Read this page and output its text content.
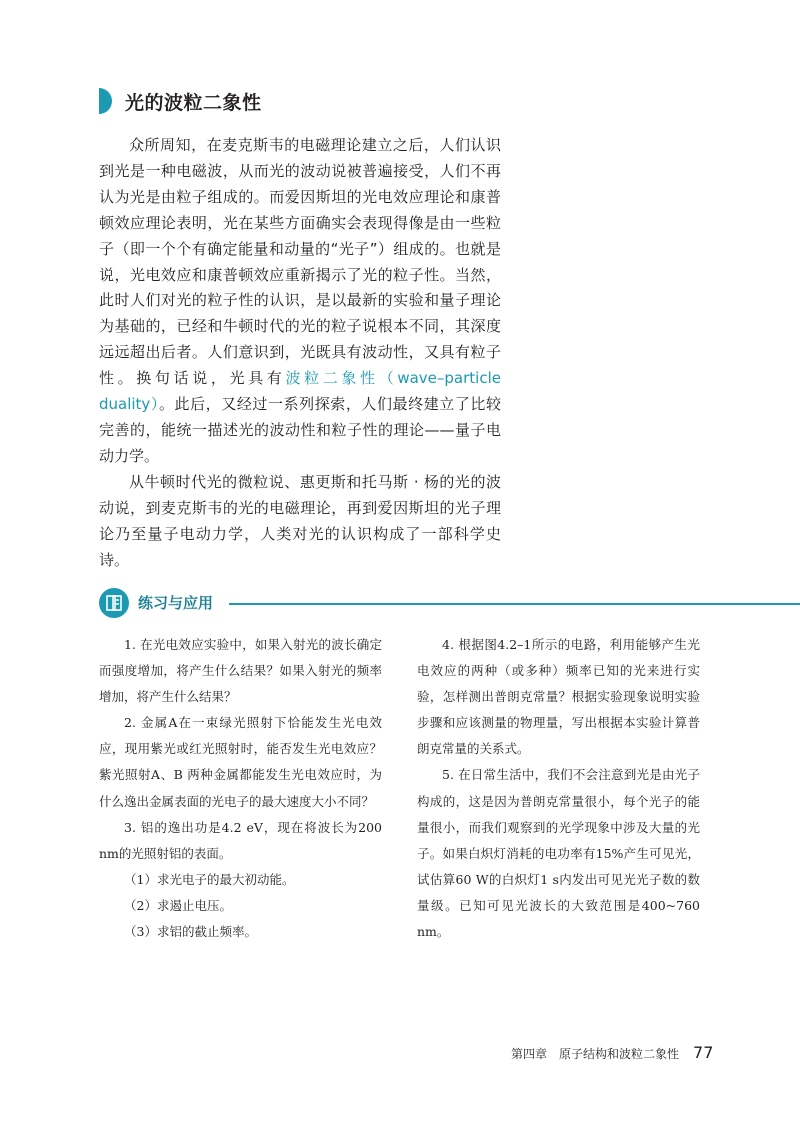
光的波粒二象性

众所周知，在麦克斯韦的电磁理论建立之后，人们认识到光是一种电磁波，从而光的波动说被普遍接受，人们不再认为光是由粒子组成的。而爱因斯坦的光电效应理论和康普顿效应理论表明，光在某些方面确实会表现得像是由一些粒子（即一个个有确定能量和动量的“光子”）组成的。也就是说，光电效应和康普顿效应重新揭示了光的粒子性。当然，此时人们对光的粒子性的认识，是以最新的实验和量子理论为基础的，已经和牛顿时代的光的粒子说根本不同，其深度远远超出后者。人们意识到，光既具有波动性，又具有粒子性。换句话说，光具有波粒二象性（wave–particle duality）。此后，又经过一系列探索，人们最终建立了比较完善的，能统一描述光的波动性和粒子性的理论——量子电动力学。

从牛顿时代光的微粒说、惠更斯和托马斯 · 杨的光的波动说，到麦克斯韦的光的电磁理论，再到爱因斯坦的光子理论乃至量子电动力学，人类对光的认识构成了一部科学史诗。

练习与应用

1. 在光电效应实验中，如果入射光的波长确定而强度增加，将产生什么结果？如果入射光的频率增加，将产生什么结果？

2. 金属A在一束绿光照射下恰能发生光电效应，现用紫光或红光照射时，能否发生光电效应？紫光照射A、B 两种金属都能发生光电效应时，为什么逸出金属表面的光电子的最大速度大小不同？

3. 铝的逸出功是4.2 eV，现在将波长为200 nm的光照射铝的表面。

（1）求光电子的最大初动能。

（2）求遏止电压。

（3）求铝的截止频率。

4. 根据图4.2–1所示的电路，利用能够产生光电效应的两种（或多种）频率已知的光来进行实验，怎样测出普朗克常量？根据实验现象说明实验步骤和应该测量的物理量，写出根据本实验计算普朗克常量的关系式。

5. 在日常生活中，我们不会注意到光是由光子构成的，这是因为普朗克常量很小，每个光子的能量很小，而我们观察到的光学现象中涉及大量的光子。如果白炽灯消耗的电功率有15%产生可见光，试估算60 W的白炽灯1 s内发出可见光光子数的数量级。已知可见光波长的大致范围是400~760 nm。

第四章　原子结构和波粒二象性 77
